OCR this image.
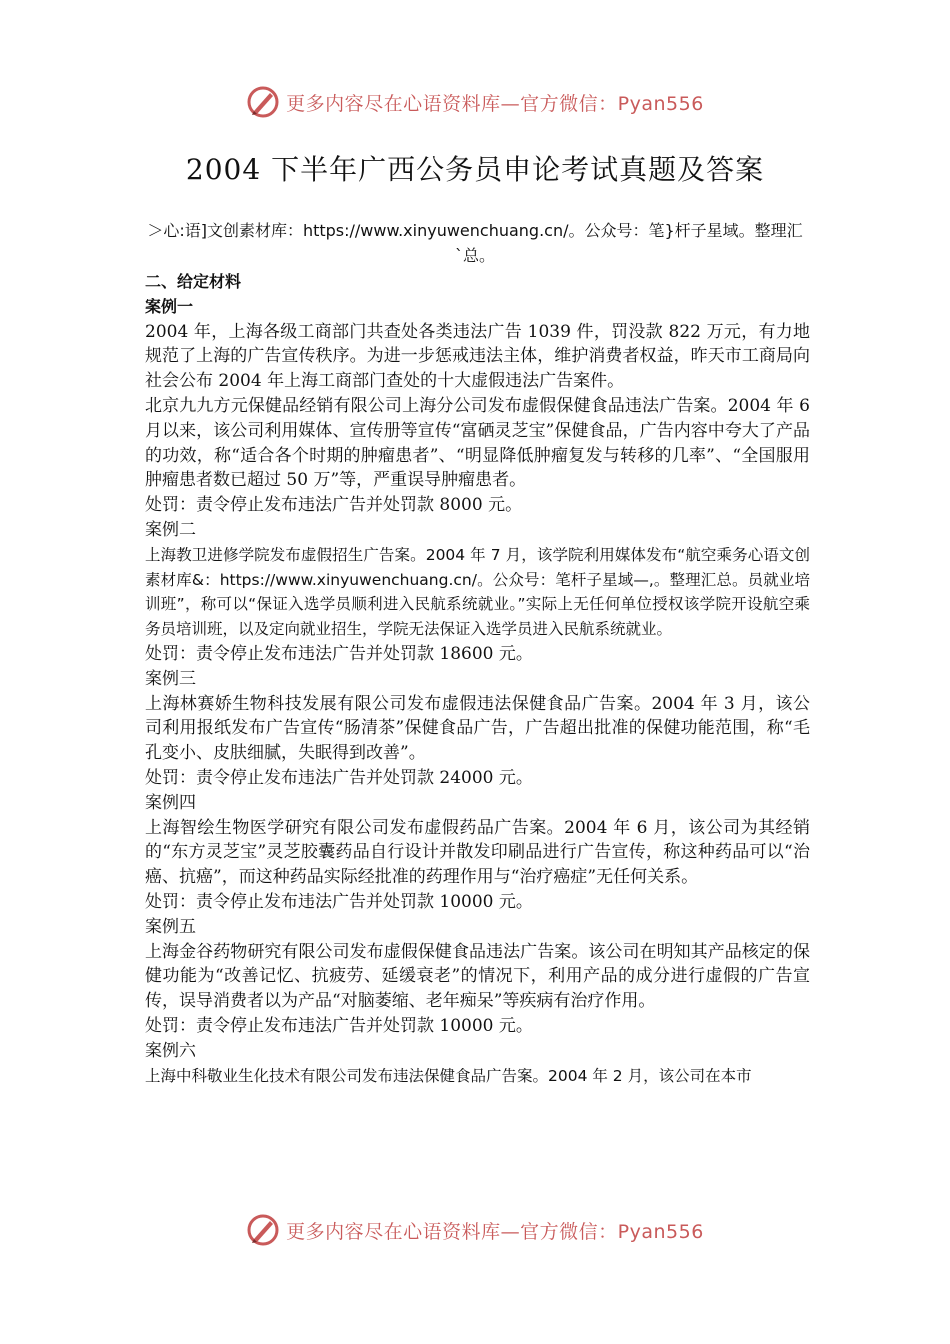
更多内容尽在心语资料库—官方微信：Pyan556
2004 下半年广西公务员申论考试真题及答案
＞心:语]文创素材库：https://www.xinyuwenchuang.cn/。公众号：笔}杆子星域。整理汇`总。

二、给定材料

案例一

2004 年，上海各级工商部门共查处各类违法广告 1039 件，罚没款 822 万元，有力地规范了上海的广告宣传秩序。为进一步惩戒违法主体，维护消费者权益，昨天市工商局向社会公布 2004 年上海工商部门查处的十大虚假违法广告案件。

北京九九方元保健品经销有限公司上海分公司发布虚假保健食品违法广告案。2004 年 6 月以来，该公司利用媒体、宣传册等宣传“富硒灵芝宝”保健食品，广告内容中夸大了产品的功效，称“适合各个时期的肿瘤患者”、“明显降低肿瘤复发与转移的几率”、“全国服用肿瘤患者数已超过 50 万”等，严重误导肿瘤患者。

处罚：责令停止发布违法广告并处罚款 8000 元。

案例二

上海教卫进修学院发布虚假招生广告案。2004 年 7 月，该学院利用媒体发布“航空乘务心语文创素材库&：https://www.xinyuwenchuang.cn/。公众号：笔杆子星域—,。整理汇总。员就业培训班”，称可以“保证入选学员顺利进入民航系统就业。”实际上无任何单位授权该学院开设航空乘务员培训班，以及定向就业招生，学院无法保证入选学员进入民航系统就业。

处罚：责令停止发布违法广告并处罚款 18600 元。

案例三

上海林赛娇生物科技发展有限公司发布虚假违法保健食品广告案。2004 年 3 月，该公司利用报纸发布广告宣传“肠清茶”保健食品广告，广告超出批准的保健功能范围，称“毛孔变小、皮肤细腻，失眠得到改善”。

处罚：责令停止发布违法广告并处罚款 24000 元。

案例四

上海智绘生物医学研究有限公司发布虚假药品广告案。2004 年 6 月，该公司为其经销的“东方灵芝宝”灵芝胶囊药品自行设计并散发印刷品进行广告宣传，称这种药品可以“治癌、抗癌”，而这种药品实际经批准的药理作用与“治疗癌症”无任何关系。

处罚：责令停止发布违法广告并处罚款 10000 元。

案例五

上海金谷药物研究有限公司发布虚假保健食品违法广告案。该公司在明知其产品核定的保健功能为“改善记忆、抗疲劳、延缓衰老”的情况下，利用产品的成分进行虚假的广告宣传，误导消费者以为产品“对脑萎缩、老年痴呆”等疾病有治疗作用。

处罚：责令停止发布违法广告并处罚款 10000 元。

案例六

上海中科敬业生化技术有限公司发布违法保健食品广告案。2004 年 2 月，该公司在本市

更多内容尽在心语资料库—官方微信：Pyan556
